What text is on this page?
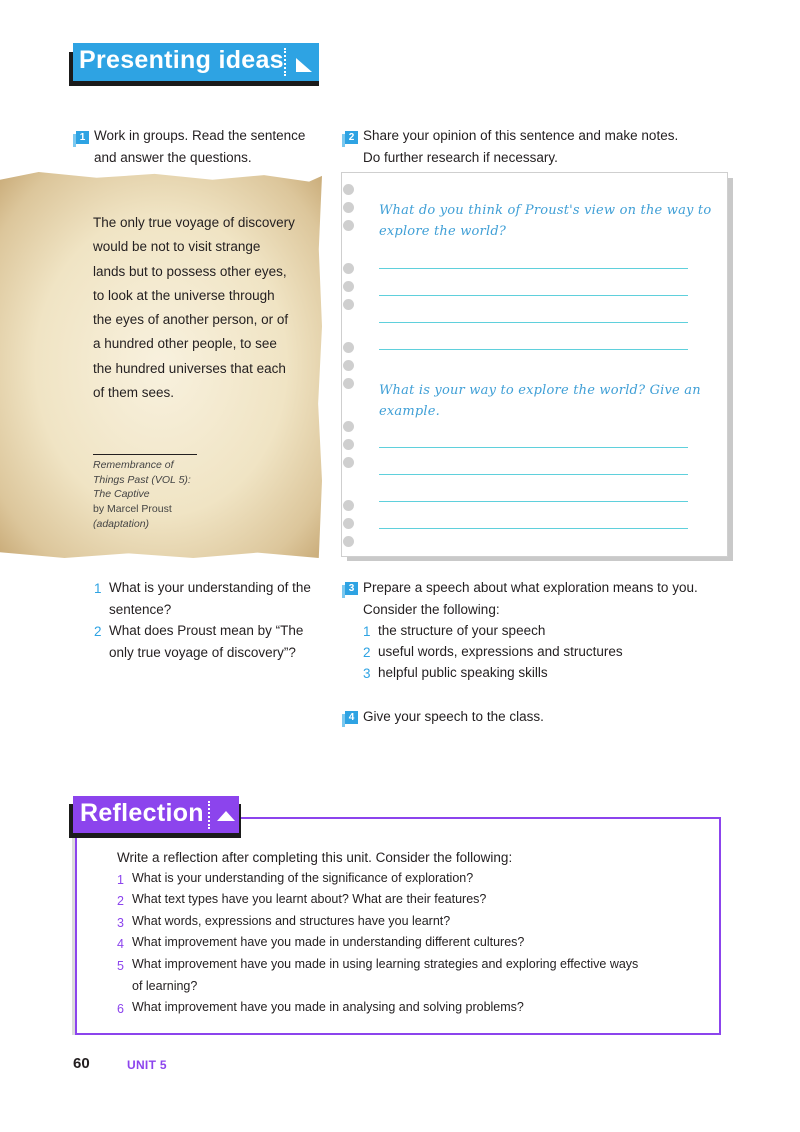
Presenting ideas
1 Work in groups. Read the sentence
and answer the questions.
2 Share your opinion of this sentence and make notes.
Do further research if necessary.
The only true voyage of discovery
would be not to visit strange
lands but to possess other eyes,
to look at the universe through
the eyes of another person, or of
a hundred other people, to see
the hundred universes that each
of them sees.
Remembrance of
Things Past (VOL 5):
The Captive
by Marcel Proust
(adaptation)
What do you think of Proust's view on the way to
explore the world?
What is your way to explore the world? Give an
example.
1 What is your understanding of the
sentence?
2 What does Proust mean by “The
only true voyage of discovery”?
3 Prepare a speech about what exploration means to you.
Consider the following:
1 the structure of your speech
2 useful words, expressions and structures
3 helpful public speaking skills
4 Give your speech to the class.
Reflection
Write a reflection after completing this unit. Consider the following:
1 What is your understanding of the significance of exploration?
2 What text types have you learnt about? What are their features?
3 What words, expressions and structures have you learnt?
4 What improvement have you made in understanding different cultures?
5 What improvement have you made in using learning strategies and exploring effective ways
of learning?
6 What improvement have you made in analysing and solving problems?
60	UNIT 5
